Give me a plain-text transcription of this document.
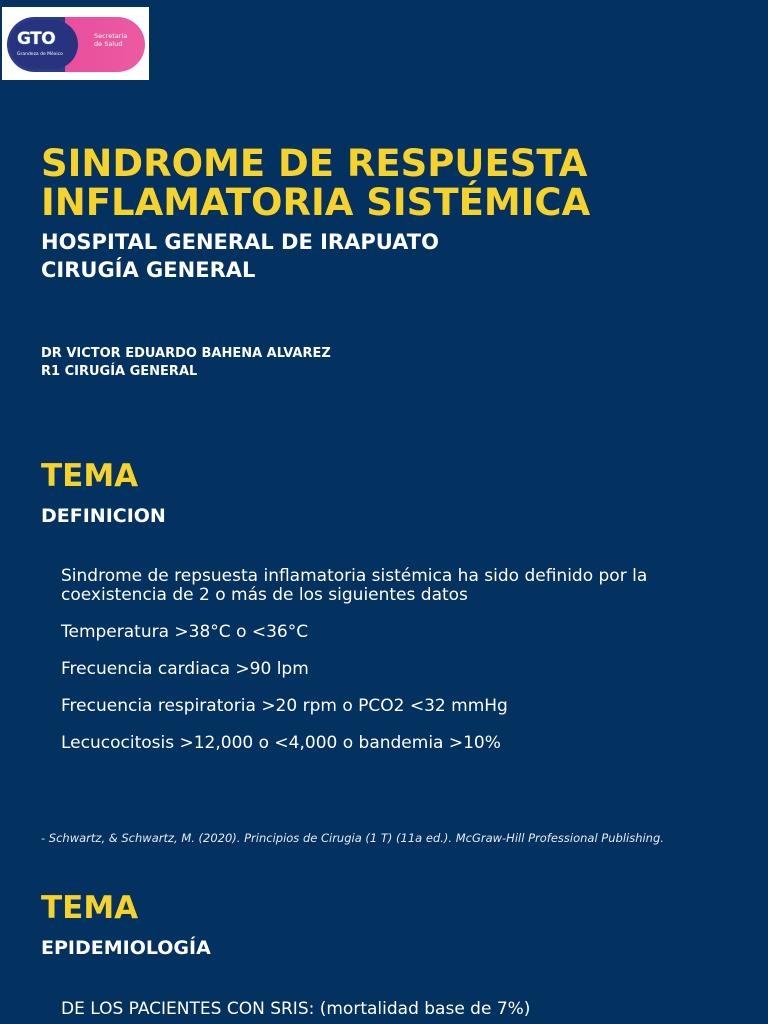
GTO
Grandeza de México
Secretaría
de Salud
SINDROME DE RESPUESTA
INFLAMATORIA SISTÉMICA
HOSPITAL GENERAL DE IRAPUATO
CIRUGÍA GENERAL
DR VICTOR EDUARDO BAHENA ALVAREZ
R1 CIRUGÍA GENERAL
TEMA
DEFINICION
Sindrome de repsuesta inflamatoria sistémica ha sido definido por la coexistencia de 2 o más de los siguientes datos
Temperatura >38°C o <36°C
Frecuencia cardiaca >90 lpm
Frecuencia respiratoria >20 rpm o PCO2 <32 mmHg
Lecucocitosis >12,000 o <4,000 o bandemia >10%

- Schwartz, & Schwartz, M. (2020). Principios de Cirugia (1 T) (11a ed.). McGraw-Hill Professional Publishing.

TEMA
EPIDEMIOLOGÍA

DE LOS PACIENTES CON SRIS: (mortalidad base de 7%)
